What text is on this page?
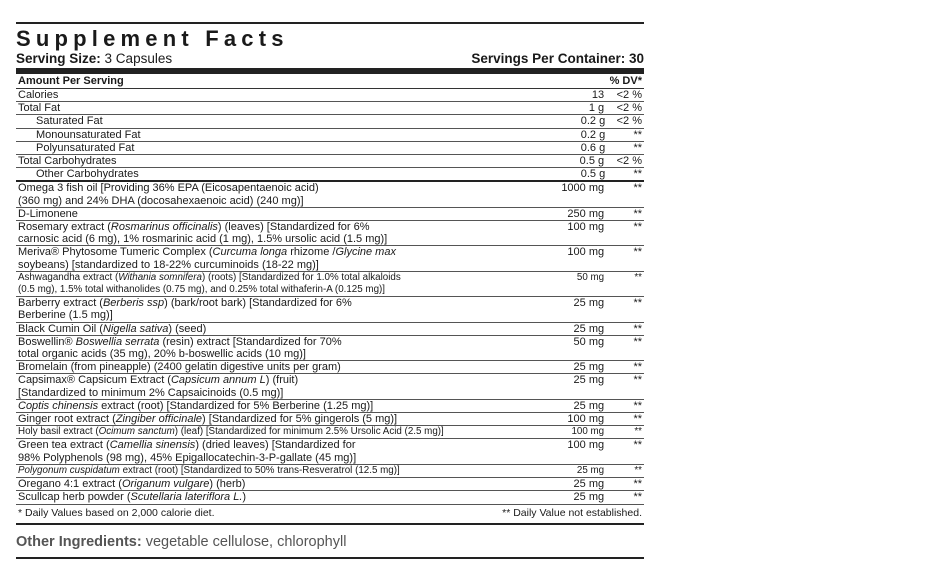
Supplement Facts
Serving Size: 3 Capsules	Servings Per Container: 30
Amount Per Serving	% DV*
Calories	13	<2 %
Total Fat	1 g	<2 %
Saturated Fat	0.2 g	<2 %
Monounsaturated Fat	0.2 g	**
Polyunsaturated Fat	0.6 g	**
Total Carbohydrates	0.5 g	<2 %
Other Carbohydrates	0.5 g	**
Omega 3 fish oil [Providing 36% EPA (Eicosapentaenoic acid)
(360 mg) and 24% DHA (docosahexaenoic acid) (240 mg)]
1000 mg	**
D-Limonene	250 mg	**
Rosemary extract (Rosmarinus officinalis) (leaves) [Standardized for 6%
carnosic acid (6 mg), 1% rosmarinic acid (1 mg), 1.5% ursolic acid (1.5 mg)]
100 mg	**
Meriva® Phytosome Tumeric Complex (Curcuma longa rhizome /Glycine max
soybeans) [standardized to 18-22% curcuminoids (18-22 mg)]
100 mg	**
Ashwagandha extract (Withania somnifera) (roots) [Standardized for 1.0% total alkaloids
(0.5 mg), 1.5% total withanolides (0.75 mg), and 0.25% total withaferin-A (0.125 mg)]
50 mg	**
Barberry extract (Berberis ssp) (bark/root bark) [Standardized for 6%
Berberine (1.5 mg)]
25 mg	**
Black Cumin Oil (Nigella sativa) (seed)	25 mg	**
Boswellin® Boswellia serrata (resin) extract [Standardized for 70%
total organic acids (35 mg), 20% b-boswellic acids (10 mg)]
50 mg	**
Bromelain (from pineapple) (2400 gelatin digestive units per gram)	25 mg	**
Capsimax® Capsicum Extract (Capsicum annum L) (fruit)
[Standardized to minimum 2% Capsaicinoids (0.5 mg)]
25 mg	**
Coptis chinensis extract (root) [Standardized for 5% Berberine (1.25 mg)]	25 mg	**
Ginger root extract (Zingiber officinale) [Standardized for 5% gingerols (5 mg)]	100 mg	**
Holy basil extract (Ocimum sanctum) (leaf) [Standardized for minimum 2.5% Ursolic Acid (2.5 mg)]	100 mg	**
Green tea extract (Camellia sinensis) (dried leaves) [Standardized for
98% Polyphenols (98 mg), 45% Epigallocatechin-3-P-gallate (45 mg)]
100 mg	**
Polygonum cuspidatum extract (root) [Standardized to 50% trans-Resveratrol (12.5 mg)]	25 mg	**
Oregano 4:1 extract (Origanum vulgare) (herb)	25 mg	**
Scullcap herb powder (Scutellaria lateriflora L.)	25 mg	**
* Daily Values based on 2,000 calorie diet.	** Daily Value not established.
Other Ingredients: vegetable cellulose, chlorophyll
